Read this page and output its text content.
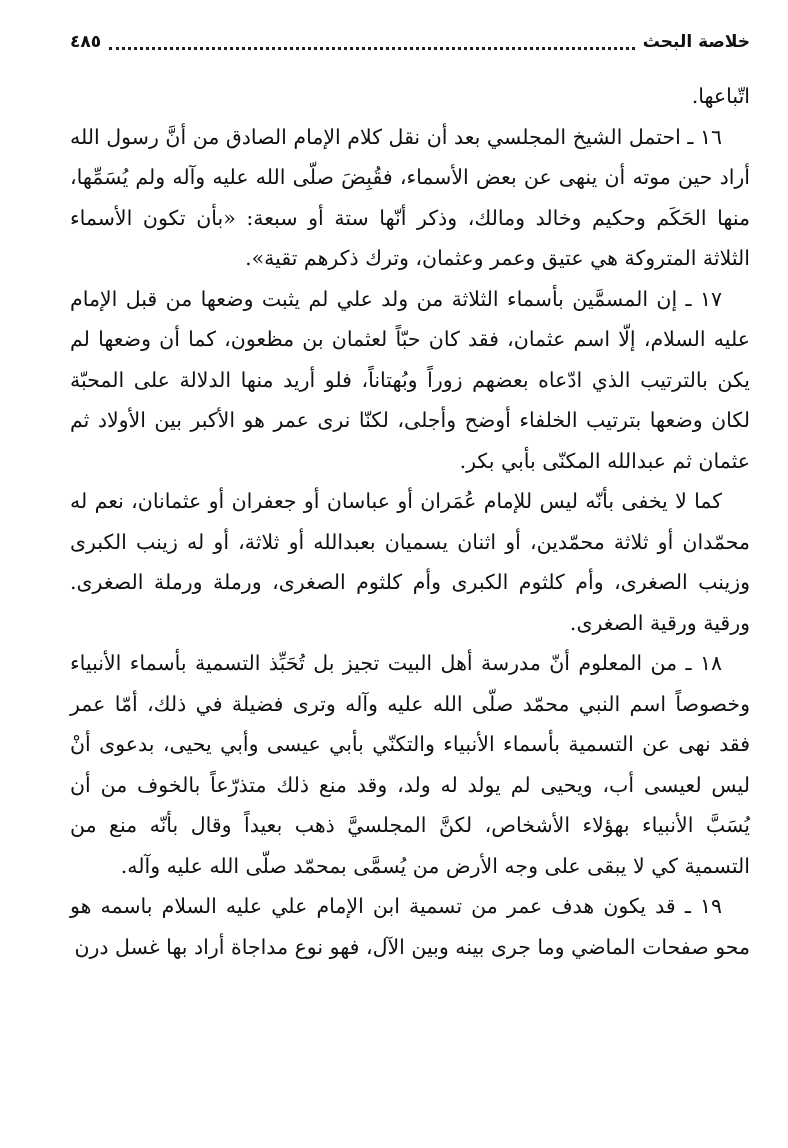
خلاصة البحث
٤٨٥

اتّباعها.

١٦ ـ احتمل الشيخ المجلسي بعد أن نقل كلام الإمام الصادق من أنَّ رسول الله أراد حين موته أن ينهى عن بعض الأسماء، فقُبِضَ صلّى الله عليه وآله ولم يُسَمِّها، منها الحَكَم وحكيم وخالد ومالك، وذكر أنّها ستة أو سبعة: «بأن تكون الأسماء الثلاثة المتروكة هي عتيق وعمر وعثمان، وترك ذكرهم تقية».

١٧ ـ إن المسمَّين بأسماء الثلاثة من ولد علي لم يثبت وضعها من قبل الإمام عليه السلام، إلّا اسم عثمان، فقد كان حبّاً لعثمان بن مظعون، كما أن وضعها لم يكن بالترتيب الذي ادّعاه بعضهم زوراً وبُهتاناً، فلو أريد منها الدلالة على المحبّة لكان وضعها بترتيب الخلفاء أوضح وأجلى، لكنّا نرى عمر هو الأكبر بين الأولاد ثم عثمان ثم عبدالله المكنّى بأبي بكر.

كما لا يخفى بأنّه ليس للإمام عُمَران أو عباسان أو جعفران أو عثمانان، نعم له محمّدان أو ثلاثة محمّدين، أو اثنان يسميان بعبدالله أو ثلاثة، أو له زينب الكبرى وزينب الصغرى، وأم كلثوم الكبرى وأم كلثوم الصغرى، ورملة ورملة الصغرى. ورقية ورقية الصغرى.

١٨ ـ من المعلوم أنّ مدرسة أهل البيت تجيز بل تُحَبِّذ التسمية بأسماء الأنبياء وخصوصاً اسم النبي محمّد صلّى الله عليه وآله وترى فضيلة في ذلك، أمّا عمر فقد نهى عن التسمية بأسماء الأنبياء والتكنّي بأبي عيسى وأبي يحيى، بدعوى أنْ ليس لعيسى أب، ويحيى لم يولد له ولد، وقد منع ذلك متذرّعاً بالخوف من أن يُسَبَّ الأنبياء بهؤلاء الأشخاص، لكنَّ المجلسيَّ ذهب بعيداً وقال بأنّه منع من التسمية كي لا يبقى على وجه الأرض من يُسمَّى بمحمّد صلّى الله عليه وآله.

١٩ ـ قد يكون هدف عمر من تسمية ابن الإمام علي عليه السلام باسمه هو محو صفحات الماضي وما جرى بينه وبين الآل، فهو نوع مداجاة أراد بها غسل درن
